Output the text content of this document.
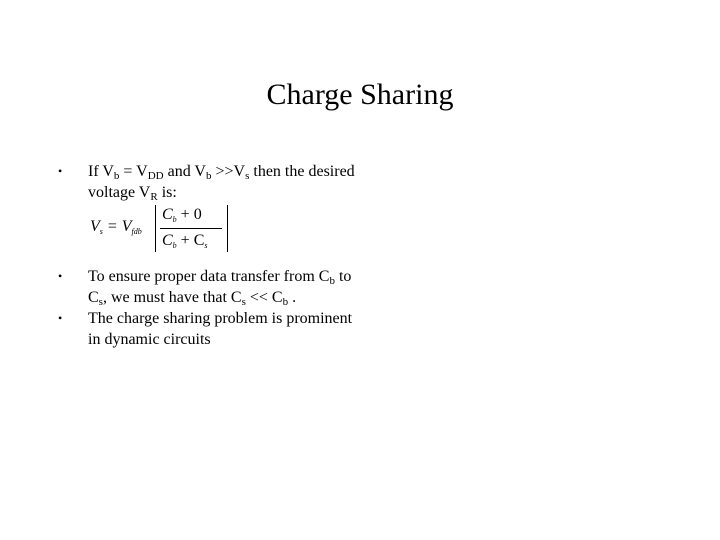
Charge Sharing
• If $V_b = V_{DD}$ and $V_b >>V_s$ then the desired voltage $V_R$ is:
$V_s = V_{fdb}$
$C_b + 0$
$C_b + C_s$
• To ensure proper data transfer from $C_b$ to $C_s$, we must have that $C_s << C_b$ .
• The charge sharing problem is prominent in dynamic circuits
